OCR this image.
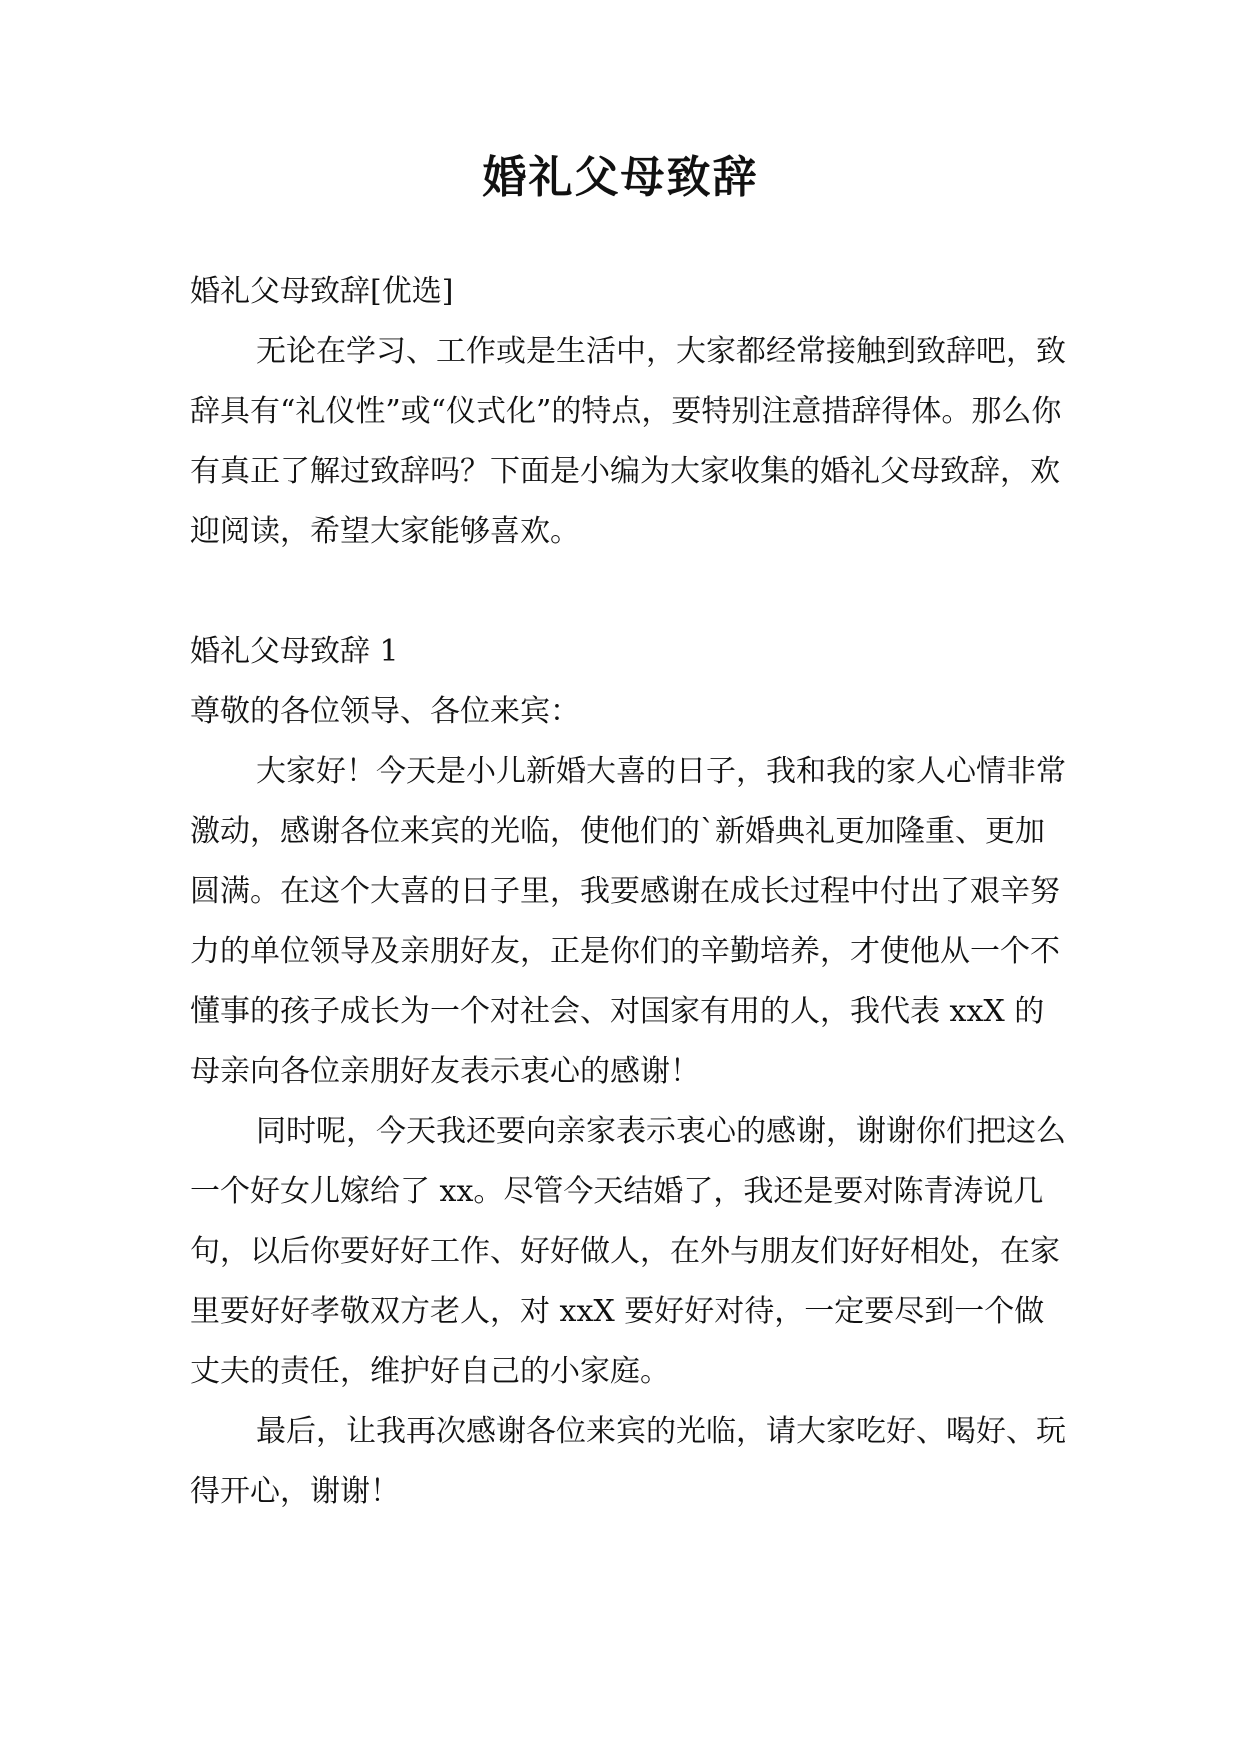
婚礼父母致辞

婚礼父母致辞[优选]

无论在学习、工作或是生活中，大家都经常接触到致辞吧，致辞具有“礼仪性”或“仪式化”的特点，要特别注意措辞得体。那么你有真正了解过致辞吗？下面是小编为大家收集的婚礼父母致辞，欢迎阅读，希望大家能够喜欢。

婚礼父母致辞 1

尊敬的各位领导、各位来宾：

大家好！今天是小儿新婚大喜的日子，我和我的家人心情非常激动，感谢各位来宾的光临，使他们的`新婚典礼更加隆重、更加圆满。在这个大喜的日子里，我要感谢在成长过程中付出了艰辛努力的单位领导及亲朋好友，正是你们的辛勤培养，才使他从一个不懂事的孩子成长为一个对社会、对国家有用的人，我代表 xxX 的母亲向各位亲朋好友表示衷心的感谢！

同时呢，今天我还要向亲家表示衷心的感谢，谢谢你们把这么一个好女儿嫁给了 xx。尽管今天结婚了，我还是要对陈青涛说几句，以后你要好好工作、好好做人，在外与朋友们好好相处，在家里要好好孝敬双方老人，对 xxX 要好好对待，一定要尽到一个做丈夫的责任，维护好自己的小家庭。

最后，让我再次感谢各位来宾的光临，请大家吃好、喝好、玩得开心，谢谢！
